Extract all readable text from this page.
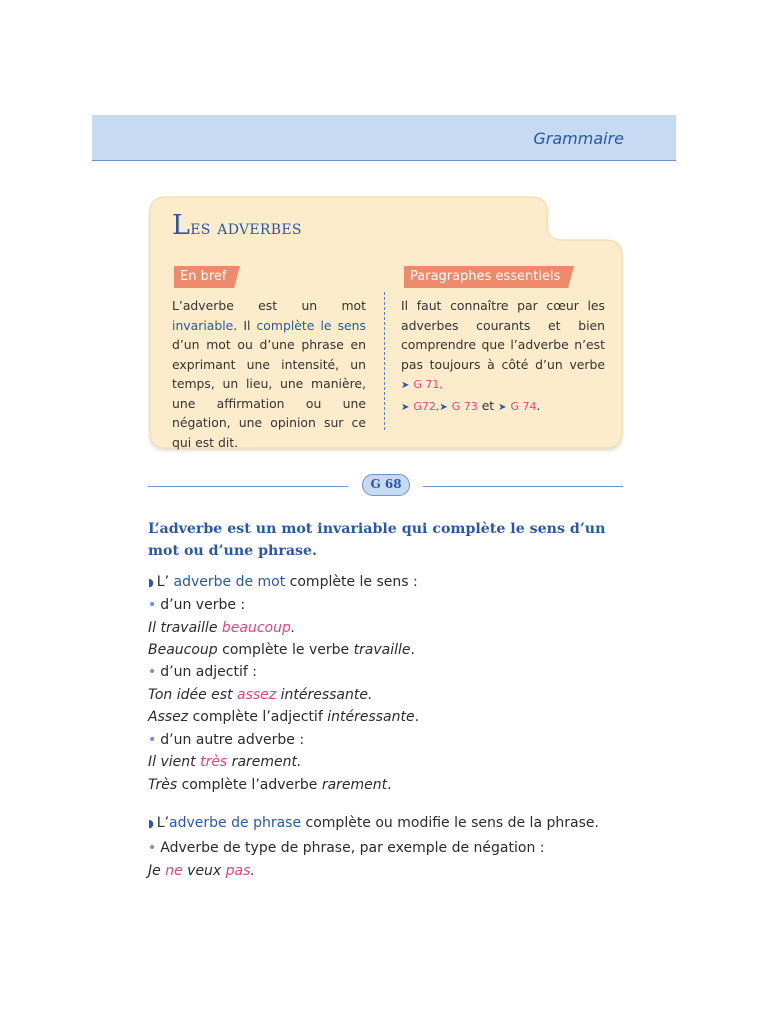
Grammaire
Les adverbes
En bref	Paragraphes essentiels
L’adverbe est un mot invariable. Il complète le sens d’un mot ou d’une phrase en exprimant une intensité, un temps, un lieu, une manière, une affirmation ou une négation, une opinion sur ce qui est dit.
Il faut connaître par cœur les adverbes courants et bien comprendre que l’adverbe n’est pas toujours à côté d’un verbe ➤ G 71,
➤ G72,➤ G 73 et ➤ G 74.
G 68
L’adverbe est un mot invariable qui complète le sens d’un mot ou d’une phrase.
◗ L’ adverbe de mot complète le sens :
• d’un verbe :
Il travaille beaucoup.
Beaucoup complète le verbe travaille.
• d’un adjectif :
Ton idée est assez intéressante.
Assez complète l’adjectif intéressante.
• d’un autre adverbe :
Il vient très rarement.
Très complète l’adverbe rarement.
◗ L’adverbe de phrase complète ou modifie le sens de la phrase.
• Adverbe de type de phrase, par exemple de négation :
Je ne veux pas.
